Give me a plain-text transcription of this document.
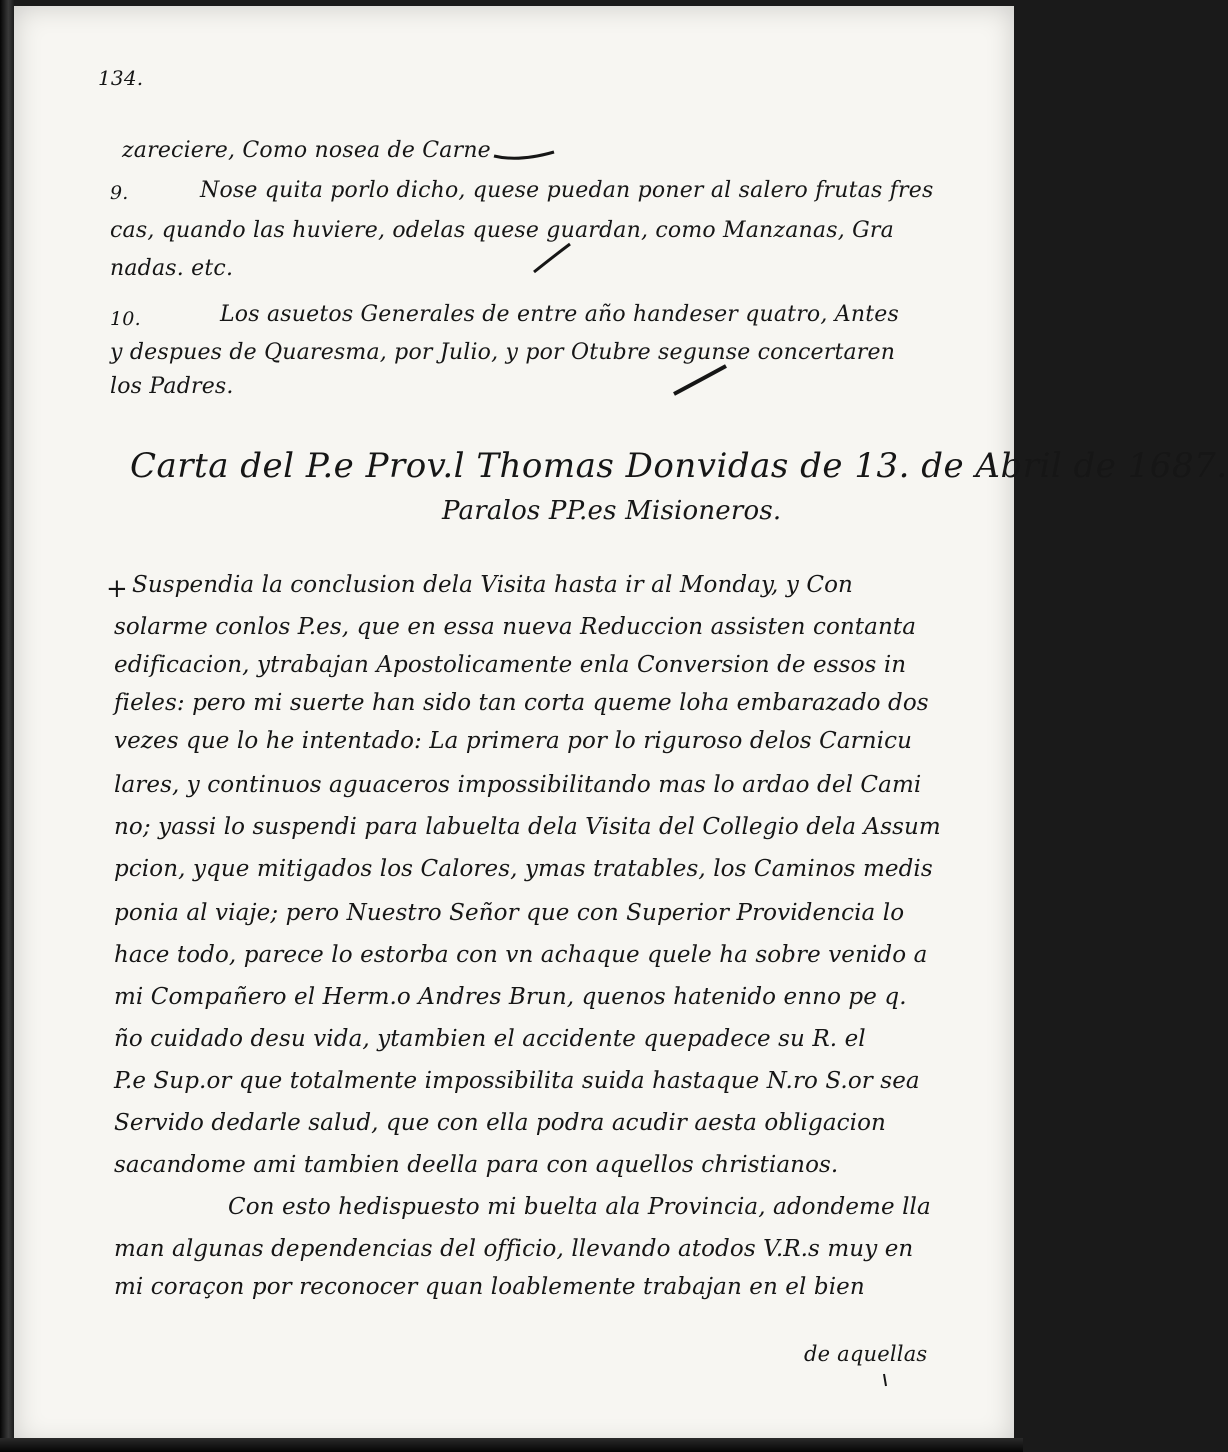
134.
zareciere, Como nosea de Carne
9.	Nose quita porlo dicho, quese puedan poner al salero frutas fres
cas, quando las huviere, odelas quese guardan, como Manzanas, Gra
nadas. etc.
10.	Los asuetos Generales de entre año handeser quatro, Antes
y despues de Quaresma, por Julio, y por Otubre segunse concertaren
los Padres.
Carta del P.e Prov.l Thomas Donvidas de 13. de Abril de 1687.
Paralos PP.es Misioneros.
+ Suspendia la conclusion dela Visita hasta ir al Monday, y Con
solarme conlos P.es, que en essa nueva Reduccion assisten contanta
edificacion, ytrabajan Apostolicamente enla Conversion de essos in
fieles: pero mi suerte han sido tan corta queme loha embarazado dos
vezes que lo he intentado: La primera por lo riguroso delos Carnicu
lares, y continuos aguaceros impossibilitando mas lo ardao del Cami
no; yassi lo suspendi para labuelta dela Visita del Collegio dela Assum
pcion, yque mitigados los Calores, ymas tratables, los Caminos medis
ponia al viaje; pero Nuestro Señor que con Superior Providencia lo
hace todo, parece lo estorba con vn achaque quele ha sobre venido a
mi Compañero el Herm.o Andres Brun, quenos hatenido enno pe q.
ño cuidado desu vida, ytambien el accidente quepadece su R. el
P.e Sup.or que totalmente impossibilita suida hastaque N.ro S.or sea
Servido dedarle salud, que con ella podra acudir aesta obligacion
sacandome ami tambien deella para con aquellos christianos.
Con esto hedispuesto mi buelta ala Provincia, adondeme lla
man algunas dependencias del officio, llevando atodos V.R.s muy en
mi coraçon por reconocer quan loablemente trabajan en el bien
de aquellas
